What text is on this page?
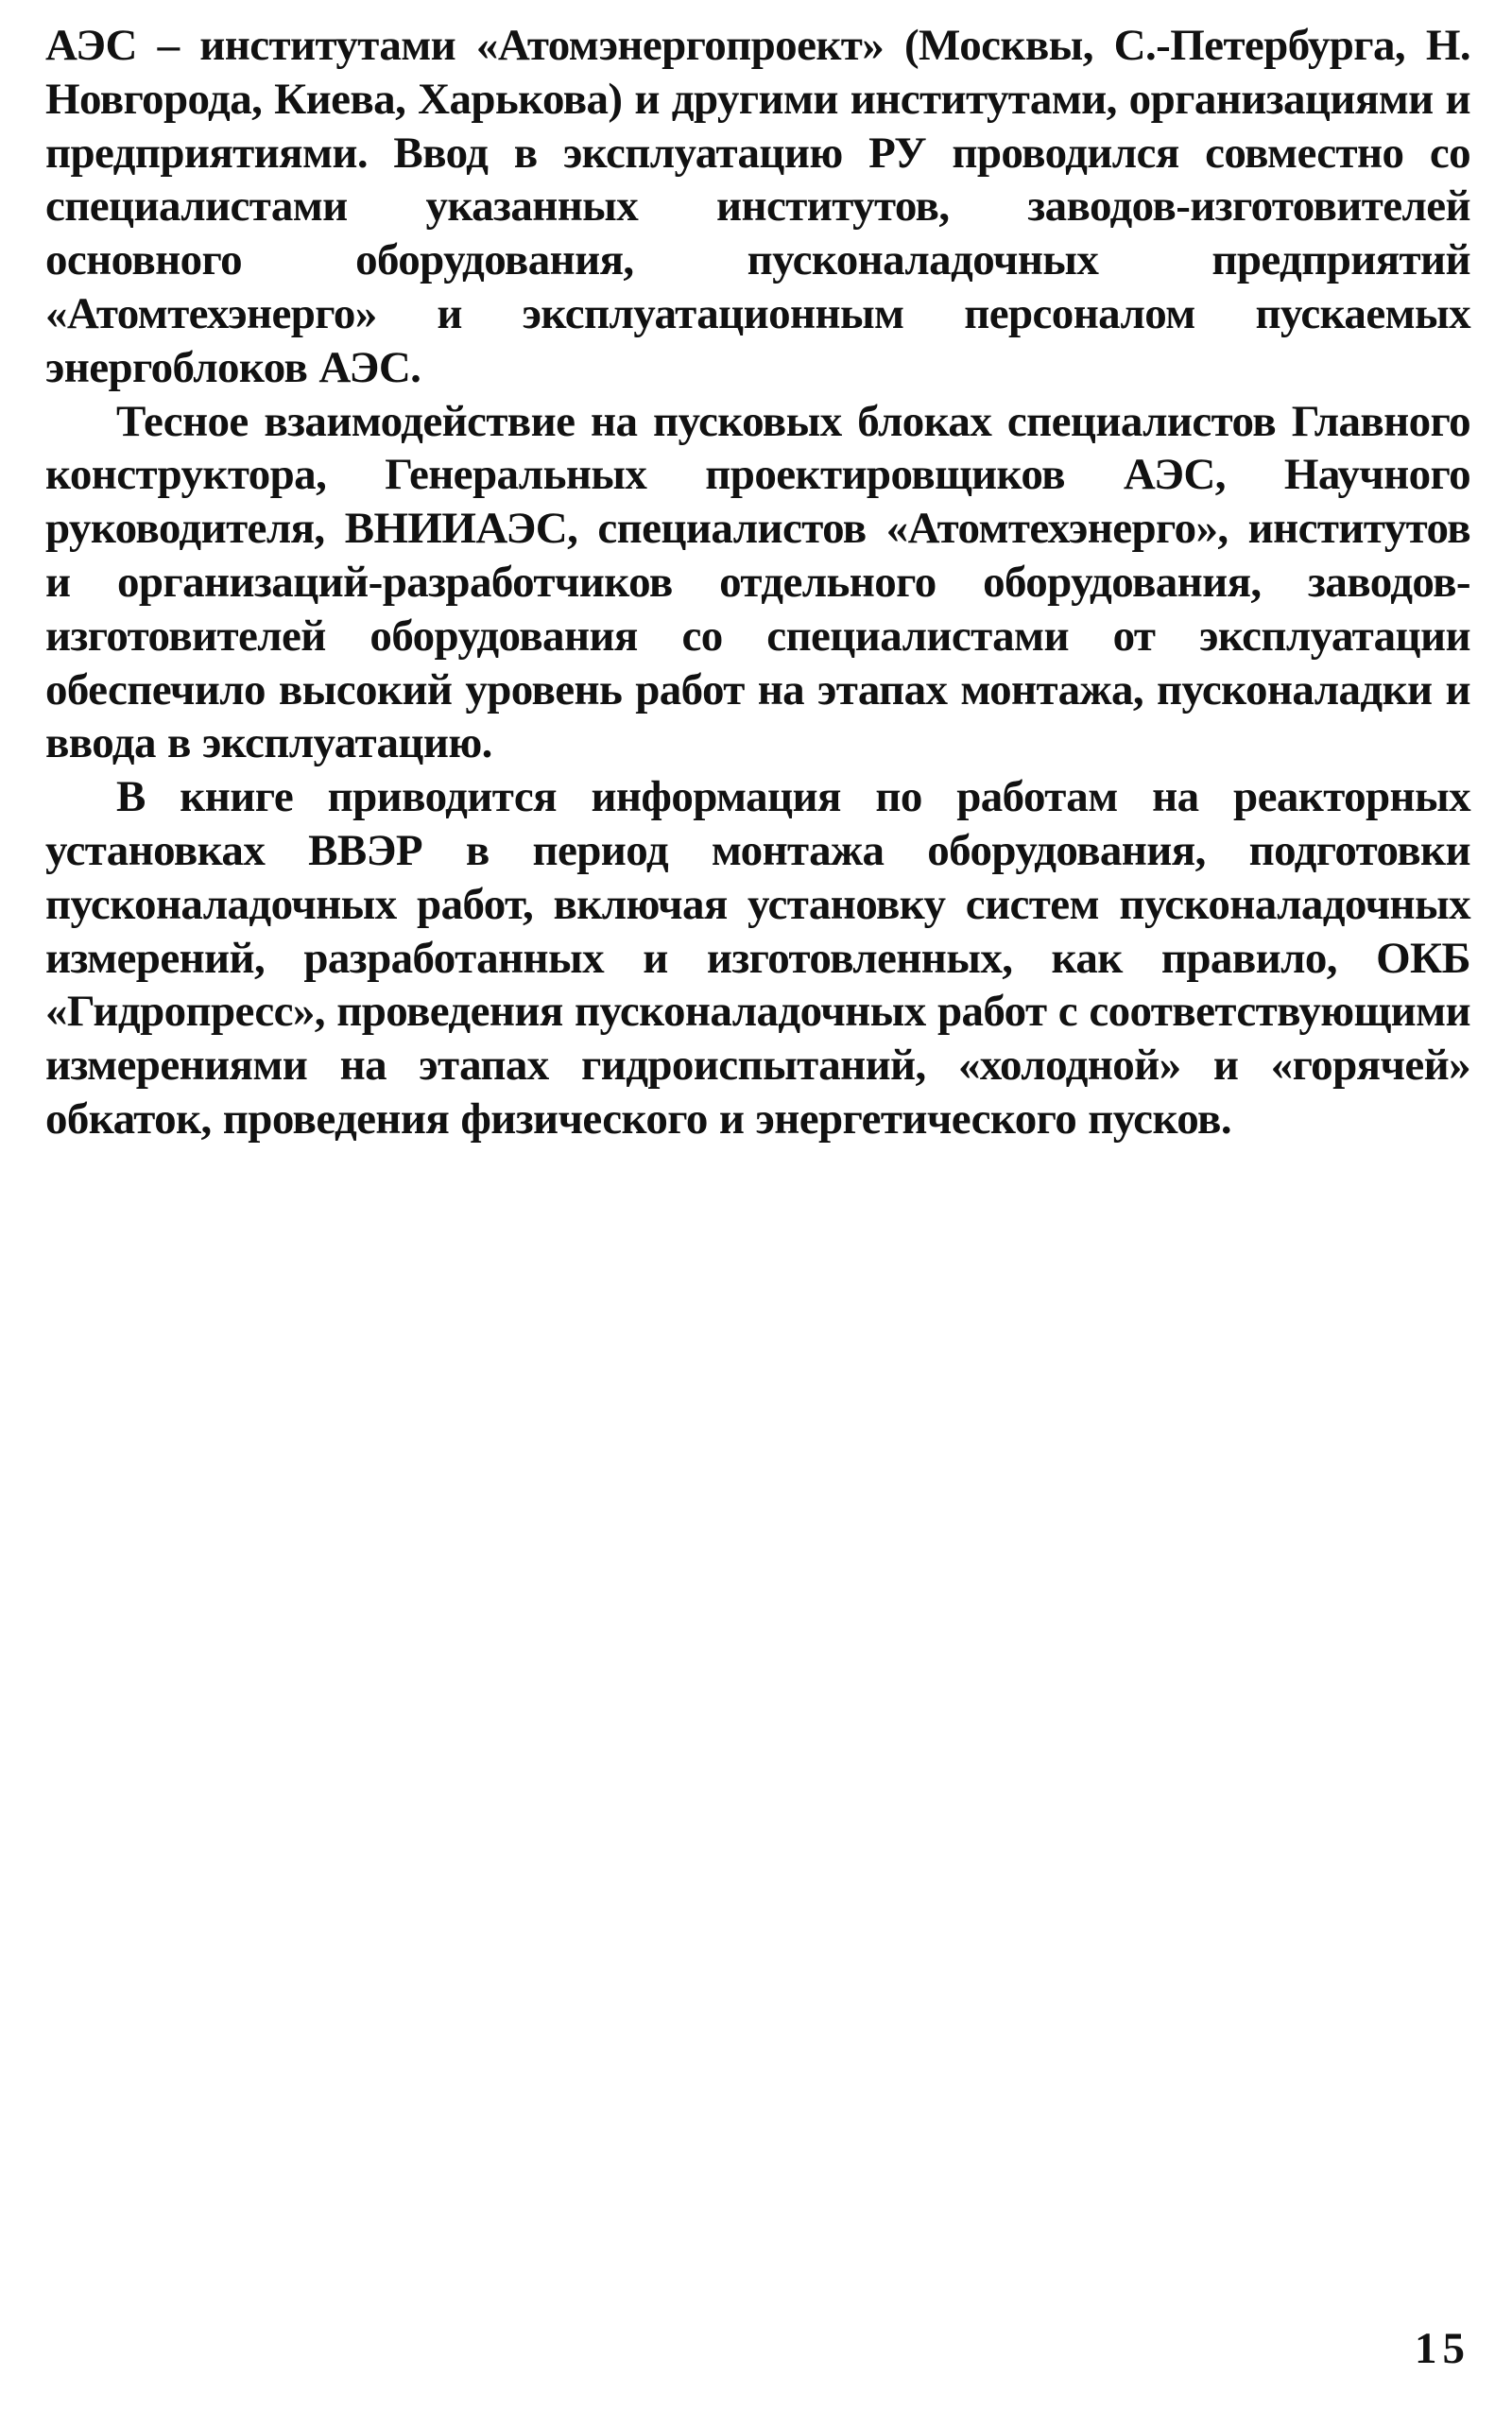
АЭС – институтами «Атомэнергопроект» (Москвы, С.-Петербурга, Н. Новгорода, Киева, Харькова) и другими институтами, организациями и предприятиями. Ввод в эксплуатацию РУ проводился совместно со специалистами указанных институтов, заводов-изготовителей основного оборудования, пусконаладочных предприятий «Атомтехэнерго» и эксплуатационным персоналом пускаемых энергоблоков АЭС.

Тесное взаимодействие на пусковых блоках специалистов Главного конструктора, Генеральных проектировщиков АЭС, Научного руководителя, ВНИИАЭС, специалистов «Атомтехэнерго», институтов и организаций-разработчиков отдельного оборудования, заводов-изготовителей оборудования со специалистами от эксплуатации обеспечило высокий уровень работ на этапах монтажа, пусконаладки и ввода в эксплуатацию.

В книге приводится информация по работам на реакторных установках ВВЭР в период монтажа оборудования, подготовки пусконаладочных работ, включая установку систем пусконаладочных измерений, разработанных и изготовленных, как правило, ОКБ «Гидропресс», проведения пусконаладочных работ с соответствующими измерениями на этапах гидроиспытаний, «холодной» и «горячей» обкаток, проведения физического и энергетического пусков.

15
